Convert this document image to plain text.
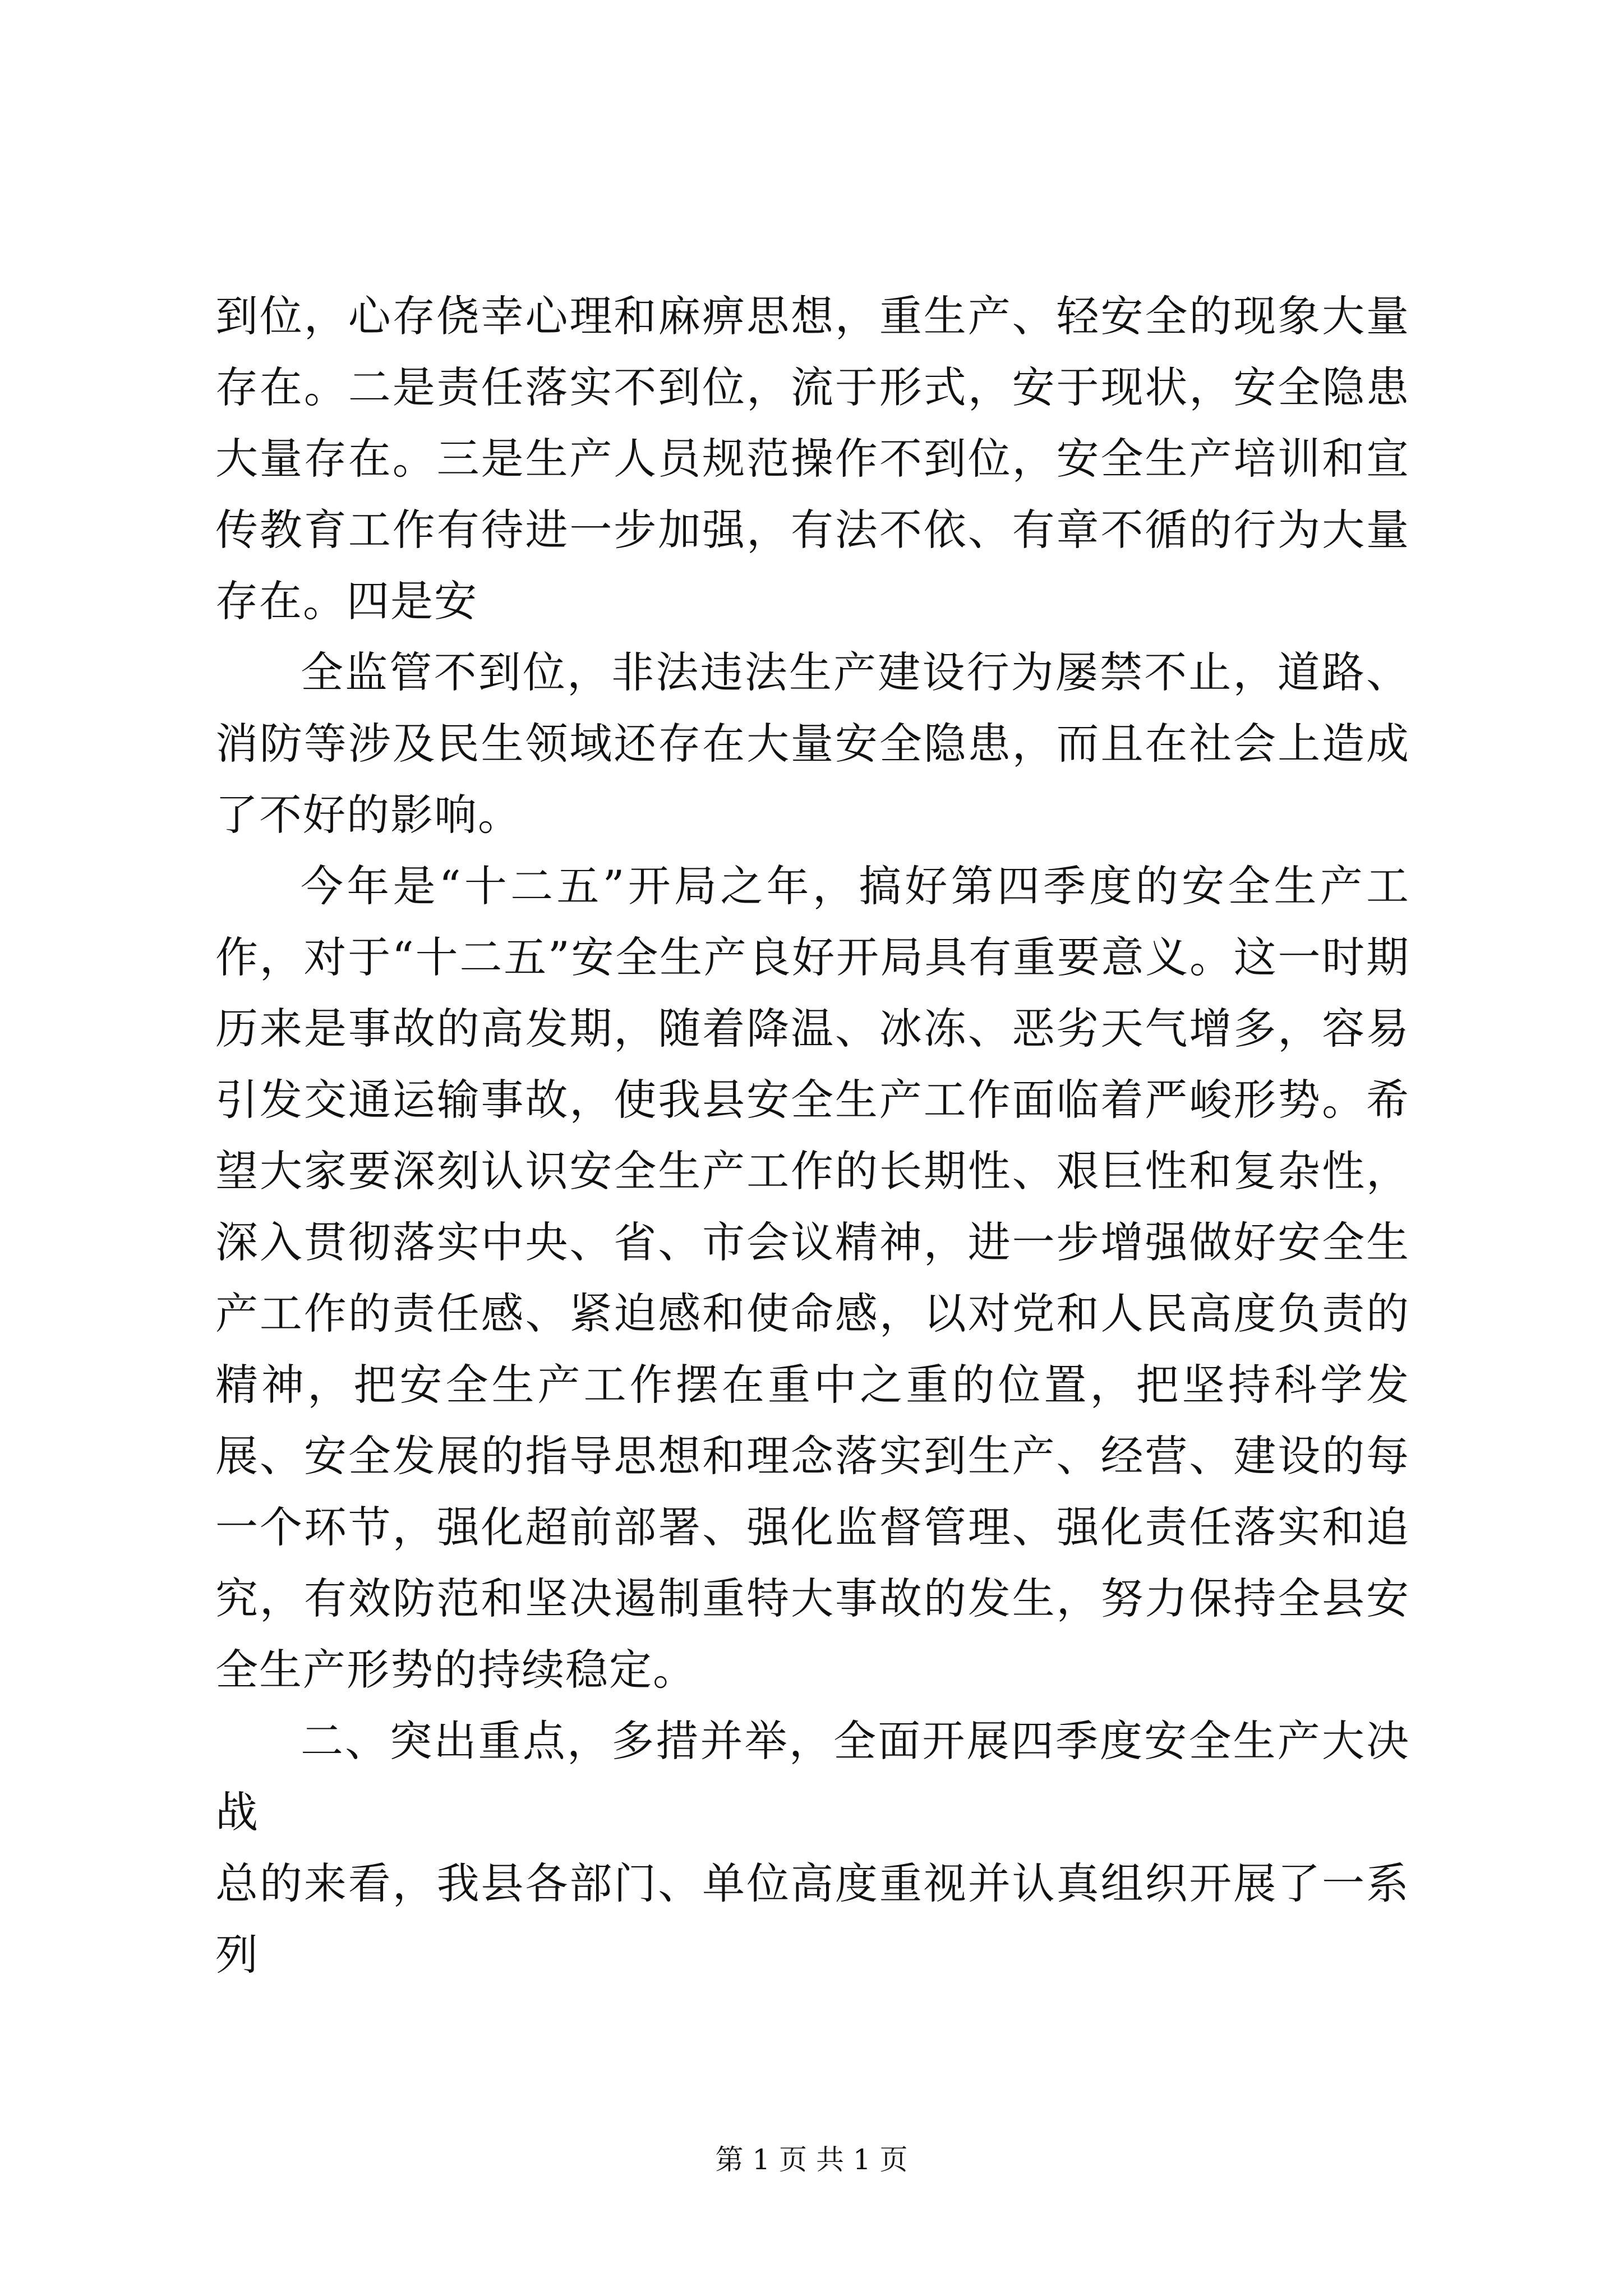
到位，心存侥幸心理和麻痹思想，重生产、轻安全的现象大量存在。二是责任落实不到位，流于形式，安于现状，安全隐患大量存在。三是生产人员规范操作不到位，安全生产培训和宣传教育工作有待进一步加强，有法不依、有章不循的行为大量存在。四是安

全监管不到位，非法违法生产建设行为屡禁不止，道路、消防等涉及民生领域还存在大量安全隐患，而且在社会上造成了不好的影响。

今年是“十二五”开局之年，搞好第四季度的安全生产工作，对于“十二五”安全生产良好开局具有重要意义。这一时期历来是事故的高发期，随着降温、冰冻、恶劣天气增多，容易引发交通运输事故，使我县安全生产工作面临着严峻形势。希望大家要深刻认识安全生产工作的长期性、艰巨性和复杂性，深入贯彻落实中央、省、市会议精神，进一步增强做好安全生产工作的责任感、紧迫感和使命感，以对党和人民高度负责的精神，把安全生产工作摆在重中之重的位置，把坚持科学发展、安全发展的指导思想和理念落实到生产、经营、建设的每一个环节，强化超前部署、强化监督管理、强化责任落实和追究，有效防范和坚决遏制重特大事故的发生，努力保持全县安全生产形势的持续稳定。

二、突出重点，多措并举，全面开展四季度安全生产大决战

总的来看，我县各部门、单位高度重视并认真组织开展了一系列

第 1 页 共 1 页
